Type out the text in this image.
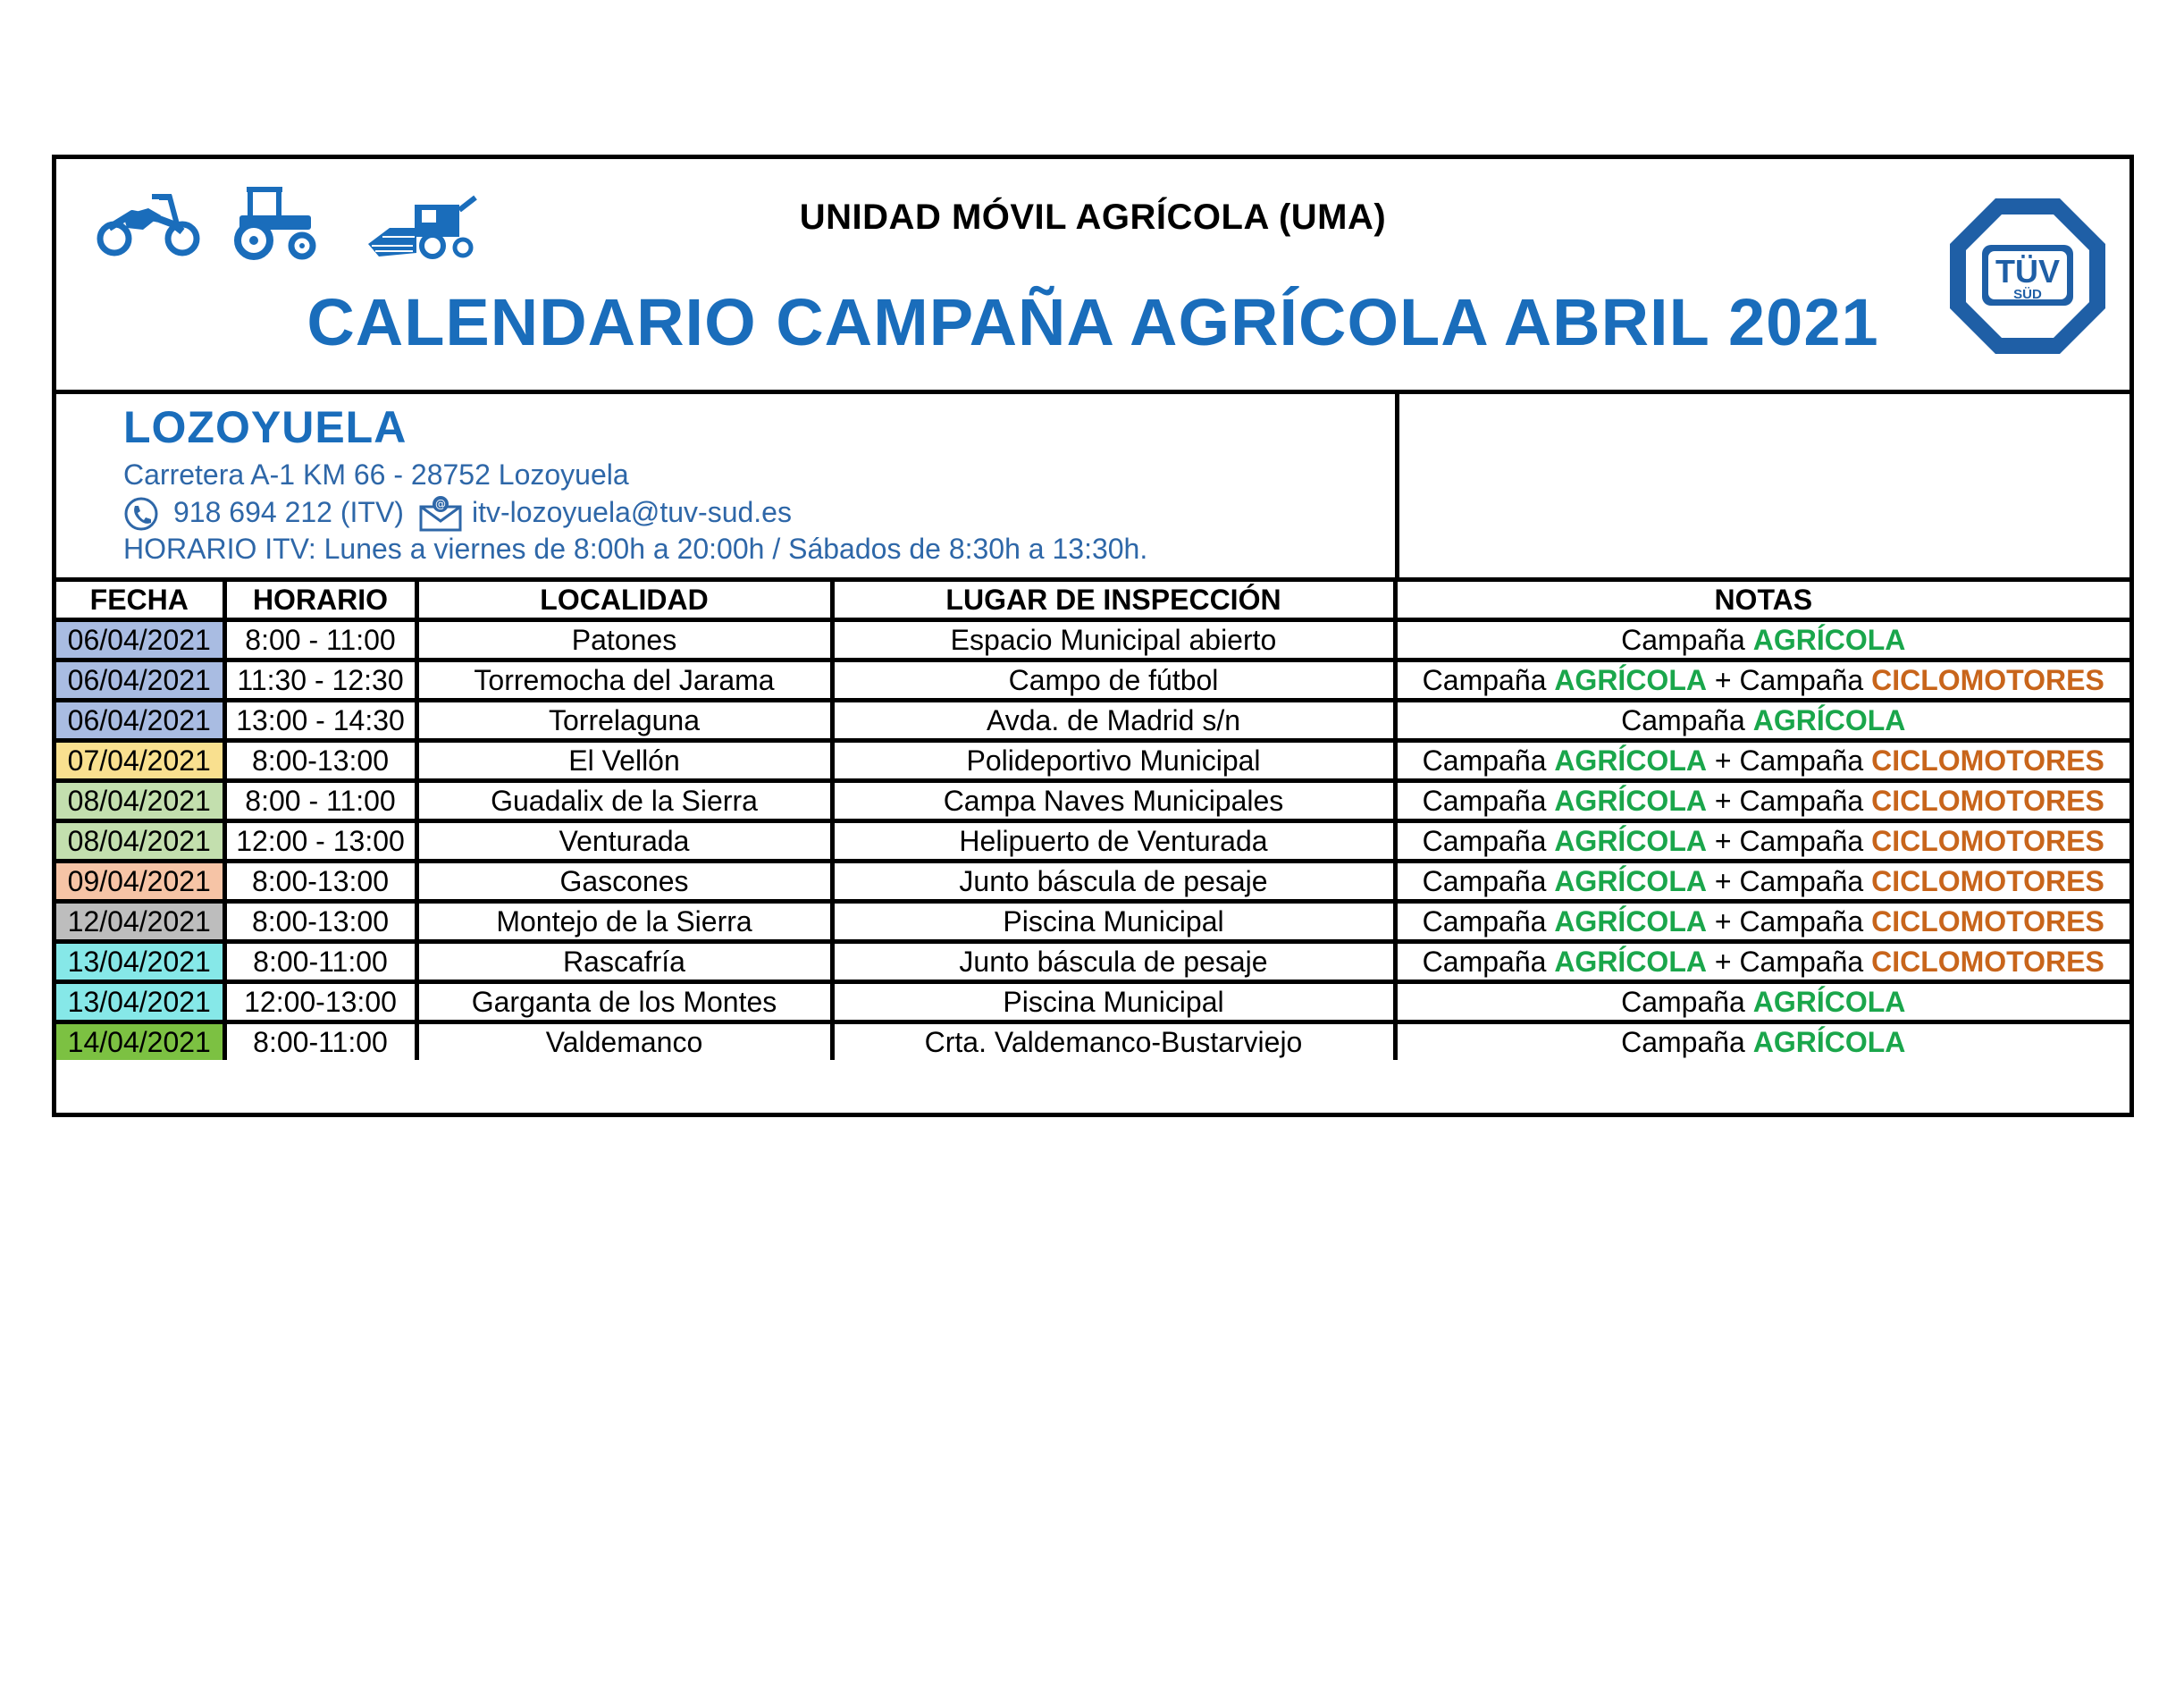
UNIDAD MÓVIL AGRÍCOLA (UMA)
CALENDARIO CAMPAÑA AGRÍCOLA ABRIL 2021
TÜV
SÜD
LOZOYUELA
Carretera A-1 KM 66 - 28752 Lozoyuela
918 694 212 (ITV)	@ itv-lozoyuela@tuv-sud.es
HORARIO ITV: Lunes a viernes de 8:00h a 20:00h / Sábados de 8:30h a 13:30h.
FECHA	HORARIO	LOCALIDAD	LUGAR DE INSPECCIÓN	NOTAS
06/04/2021	8:00 - 11:00	Patones	Espacio Municipal abierto	Campaña AGRÍCOLA
06/04/2021	11:30 - 12:30	Torremocha del Jarama	Campo de fútbol	Campaña AGRÍCOLA + Campaña CICLOMOTORES
06/04/2021	13:00 - 14:30	Torrelaguna	Avda. de Madrid s/n	Campaña AGRÍCOLA
07/04/2021	8:00-13:00	El Vellón	Polideportivo Municipal	Campaña AGRÍCOLA + Campaña CICLOMOTORES
08/04/2021	8:00 - 11:00	Guadalix de la Sierra	Campa Naves Municipales	Campaña AGRÍCOLA + Campaña CICLOMOTORES
08/04/2021	12:00 - 13:00	Venturada	Helipuerto de Venturada	Campaña AGRÍCOLA + Campaña CICLOMOTORES
09/04/2021	8:00-13:00	Gascones	Junto báscula de pesaje	Campaña AGRÍCOLA + Campaña CICLOMOTORES
12/04/2021	8:00-13:00	Montejo de la Sierra	Piscina Municipal	Campaña AGRÍCOLA + Campaña CICLOMOTORES
13/04/2021	8:00-11:00	Rascafría	Junto báscula de pesaje	Campaña AGRÍCOLA + Campaña CICLOMOTORES
13/04/2021	12:00-13:00	Garganta de los Montes	Piscina Municipal	Campaña AGRÍCOLA
14/04/2021	8:00-11:00	Valdemanco	Crta. Valdemanco-Bustarviejo	Campaña AGRÍCOLA
